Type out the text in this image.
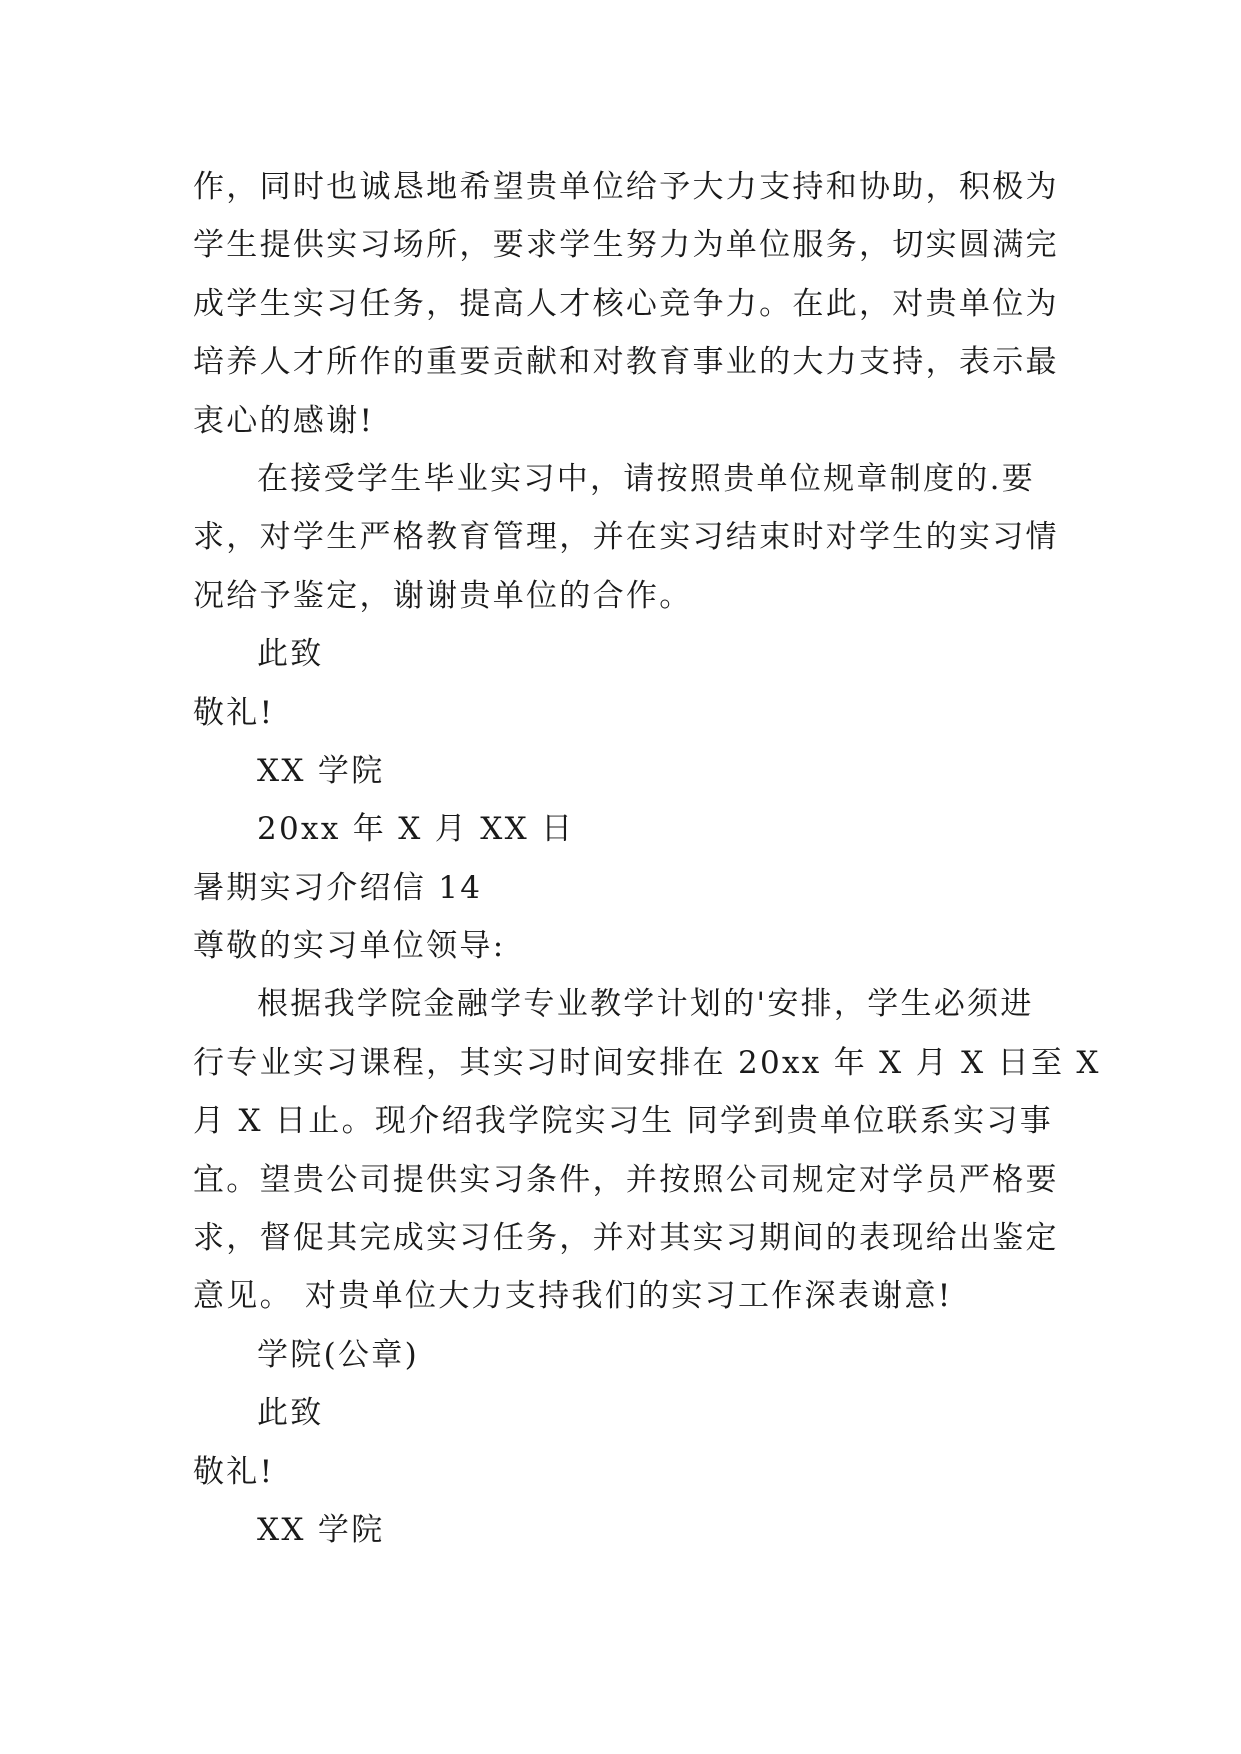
作，同时也诚恳地希望贵单位给予大力支持和协助，积极为
学生提供实习场所，要求学生努力为单位服务，切实圆满完
成学生实习任务，提高人才核心竞争力。在此，对贵单位为
培养人才所作的重要贡献和对教育事业的大力支持，表示最
衷心的感谢!
在接受学生毕业实习中，请按照贵单位规章制度的.要
求，对学生严格教育管理，并在实习结束时对学生的实习情
况给予鉴定，谢谢贵单位的合作。
此致
敬礼!
XX 学院
20xx 年 X 月 XX 日
暑期实习介绍信 14
尊敬的实习单位领导:
根据我学院金融学专业教学计划的'安排，学生必须进
行专业实习课程，其实习时间安排在 20xx 年 X 月 X 日至 X
月 X 日止。现介绍我学院实习生 同学到贵单位联系实习事
宜。望贵公司提供实习条件，并按照公司规定对学员严格要
求，督促其完成实习任务，并对其实习期间的表现给出鉴定
意见。 对贵单位大力支持我们的实习工作深表谢意!
学院(公章)
此致
敬礼!
XX 学院
